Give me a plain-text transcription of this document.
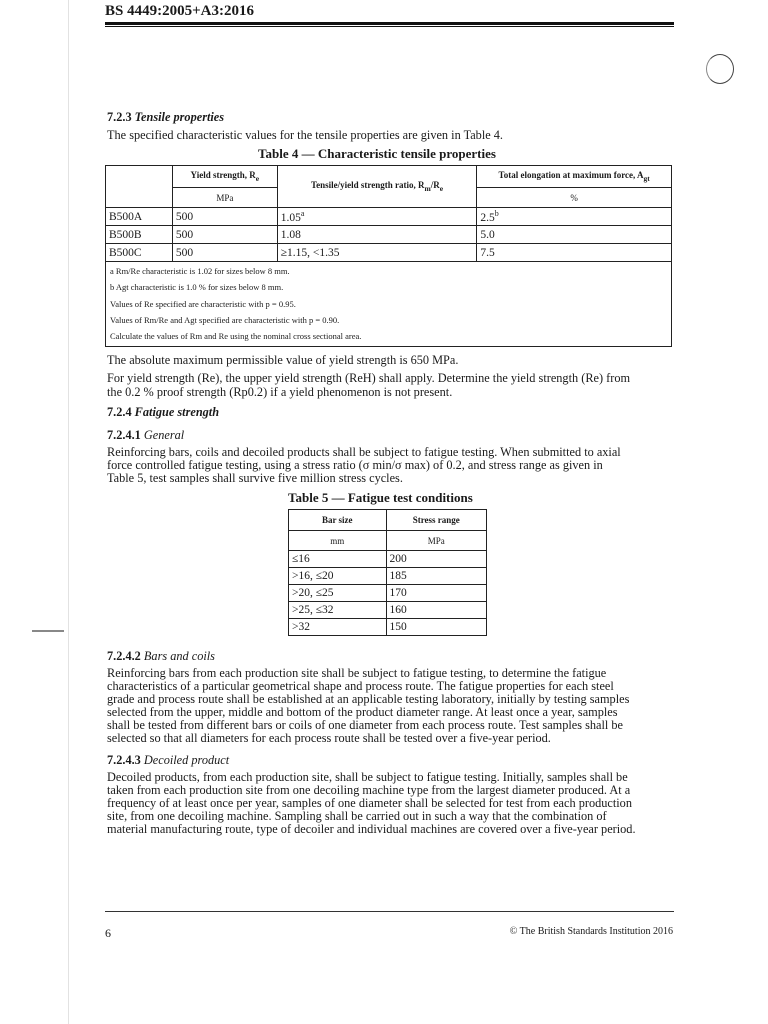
BS 4449:2005+A3:2016
7.2.3 Tensile properties
The specified characteristic values for the tensile properties are given in Table 4.
Table 4 — Characteristic tensile properties
	Yield strength, $R_e$	Tensile/yield strength ratio, $R_m/R_e$	Total elongation at maximum force, $A_{gt}$
	MPa		%
B500A	500	1.05$^a$	2.5$^b$
B500B	500	1.08	5.0
B500C	500	≥1.15, <1.35	7.5
a Rm/Re characteristic is 1.02 for sizes below 8 mm.
b Agt characteristic is 1.0 % for sizes below 8 mm.
Values of Re specified are characteristic with p = 0.95.
Values of Rm/Re and Agt specified are characteristic with p = 0.90.
Calculate the values of Rm and Re using the nominal cross sectional area.
The absolute maximum permissible value of yield strength is 650 MPa.
For yield strength (Re), the upper yield strength (ReH) shall apply. Determine the yield strength (Re) from
the 0.2 % proof strength (Rp0.2) if a yield phenomenon is not present.
7.2.4 Fatigue strength
7.2.4.1 General
Reinforcing bars, coils and decoiled products shall be subject to fatigue testing. When submitted to axial
force controlled fatigue testing, using a stress ratio (σ min/σ max) of 0.2, and stress range as given in
Table 5, test samples shall survive five million stress cycles.
Table 5 — Fatigue test conditions
Bar size	Stress range
mm	MPa
≤16	200
>16, ≤20	185
>20, ≤25	170
>25, ≤32	160
>32	150
7.2.4.2 Bars and coils
Reinforcing bars from each production site shall be subject to fatigue testing, to determine the fatigue
characteristics of a particular geometrical shape and process route. The fatigue properties for each steel
grade and process route shall be established at an applicable testing laboratory, initially by testing samples
selected from the upper, middle and bottom of the product diameter range. At least once a year, samples
shall be tested from different bars or coils of one diameter from each process route. Test samples shall be
selected so that all diameters for each process route shall be tested over a five-year period.
7.2.4.3 Decoiled product
Decoiled products, from each production site, shall be subject to fatigue testing. Initially, samples shall be
taken from each production site from one decoiling machine type from the largest diameter produced. At a
frequency of at least once per year, samples of one diameter shall be selected for test from each production
site, from one decoiling machine. Sampling shall be carried out in such a way that the combination of
material manufacturing route, type of decoiler and individual machines are covered over a five-year period.
6	© The British Standards Institution 2016
